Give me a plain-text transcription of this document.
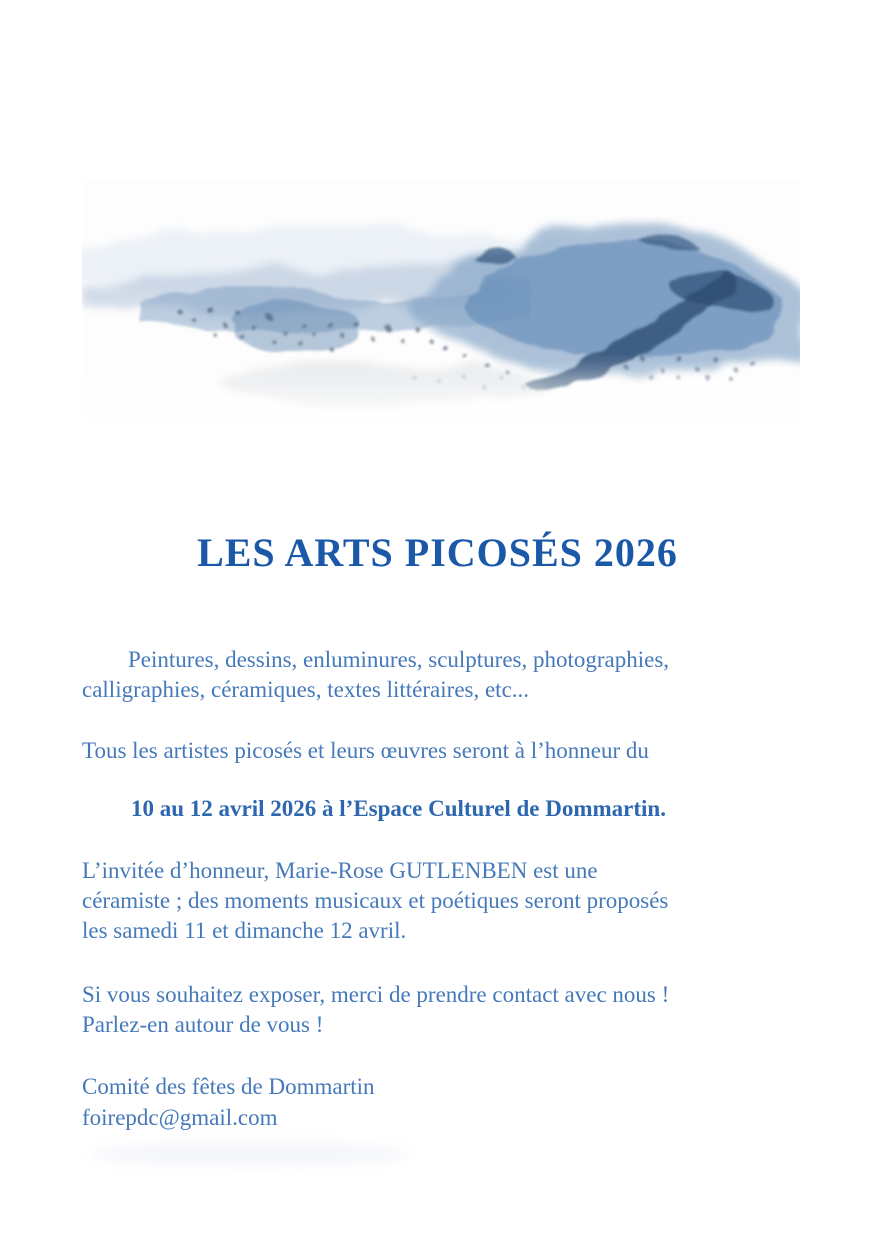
LES ARTS PICOSÉS 2026
Peintures, dessins, enluminures, sculptures, photographies,
calligraphies, céramiques, textes littéraires, etc...
Tous les artistes picosés et leurs œuvres seront à l’honneur du
10 au 12 avril 2026 à l’Espace Culturel de Dommartin.
L’invitée d’honneur, Marie-Rose GUTLENBEN est une
céramiste ; des moments musicaux et poétiques seront proposés
les samedi 11 et dimanche 12 avril.
Si vous souhaitez exposer, merci de prendre contact avec nous !
Parlez-en autour de vous !
Comité des fêtes de Dommartin
foirepdc@gmail.com
